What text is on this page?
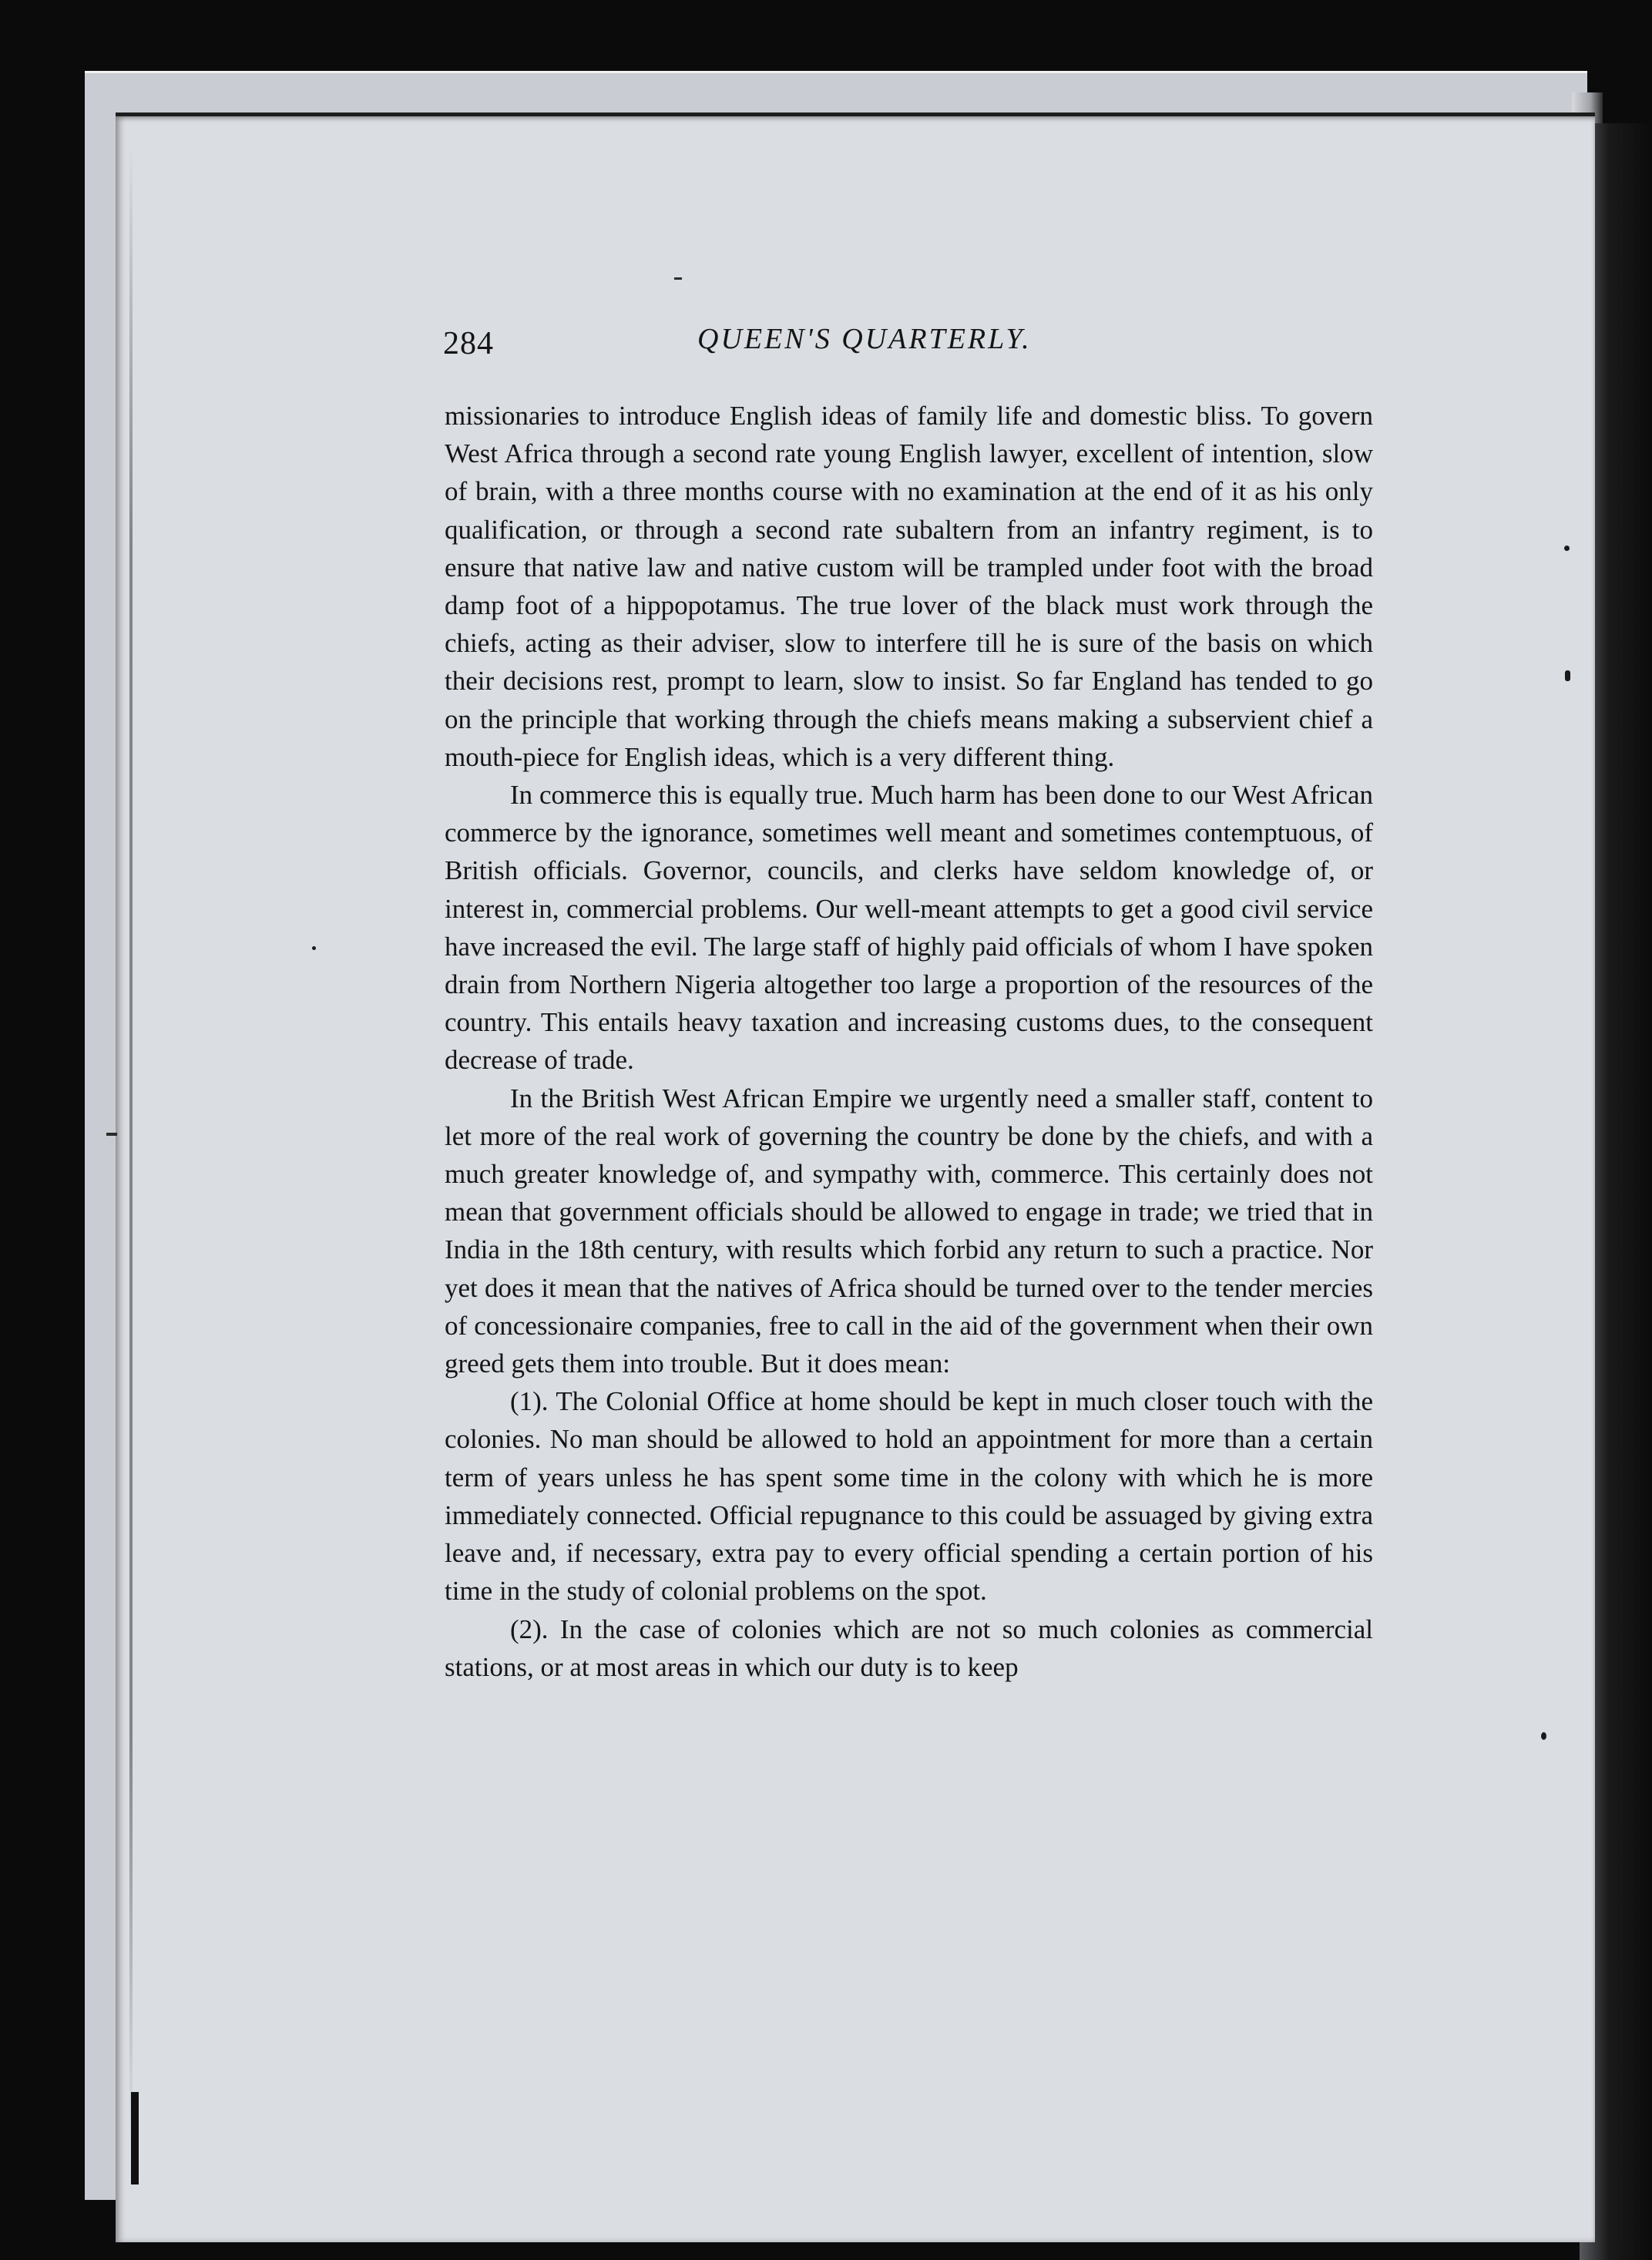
284	QUEEN'S QUARTERLY.

missionaries to introduce English ideas of family life and domestic bliss. To govern West Africa through a second rate young English lawyer, excellent of intention, slow of brain, with a three months course with no examination at the end of it as his only qualification, or through a second rate subaltern from an infantry regiment, is to ensure that native law and native custom will be trampled under foot with the broad damp foot of a hippopotamus. The true lover of the black must work through the chiefs, acting as their adviser, slow to interfere till he is sure of the basis on which their decisions rest, prompt to learn, slow to insist. So far England has tended to go on the principle that working through the chiefs means making a subservient chief a mouth-piece for English ideas, which is a very different thing.

In commerce this is equally true. Much harm has been done to our West African commerce by the ignorance, sometimes well meant and sometimes contemptuous, of British officials. Governor, councils, and clerks have seldom knowledge of, or interest in, commercial problems. Our well-meant attempts to get a good civil service have increased the evil. The large staff of highly paid officials of whom I have spoken drain from Northern Nigeria altogether too large a proportion of the resources of the country. This entails heavy taxation and increasing customs dues, to the consequent decrease of trade.

In the British West African Empire we urgently need a smaller staff, content to let more of the real work of governing the country be done by the chiefs, and with a much greater knowledge of, and sympathy with, commerce. This certainly does not mean that government officials should be allowed to engage in trade; we tried that in India in the 18th century, with results which forbid any return to such a practice. Nor yet does it mean that the natives of Africa should be turned over to the tender mercies of concessionaire companies, free to call in the aid of the government when their own greed gets them into trouble. But it does mean:

(1). The Colonial Office at home should be kept in much closer touch with the colonies. No man should be allowed to hold an appointment for more than a certain term of years unless he has spent some time in the colony with which he is more immediately connected. Official repugnance to this could be assuaged by giving extra leave and, if necessary, extra pay to every official spending a certain portion of his time in the study of colonial problems on the spot.

(2). In the case of colonies which are not so much colonies as commercial stations, or at most areas in which our duty is to keep
